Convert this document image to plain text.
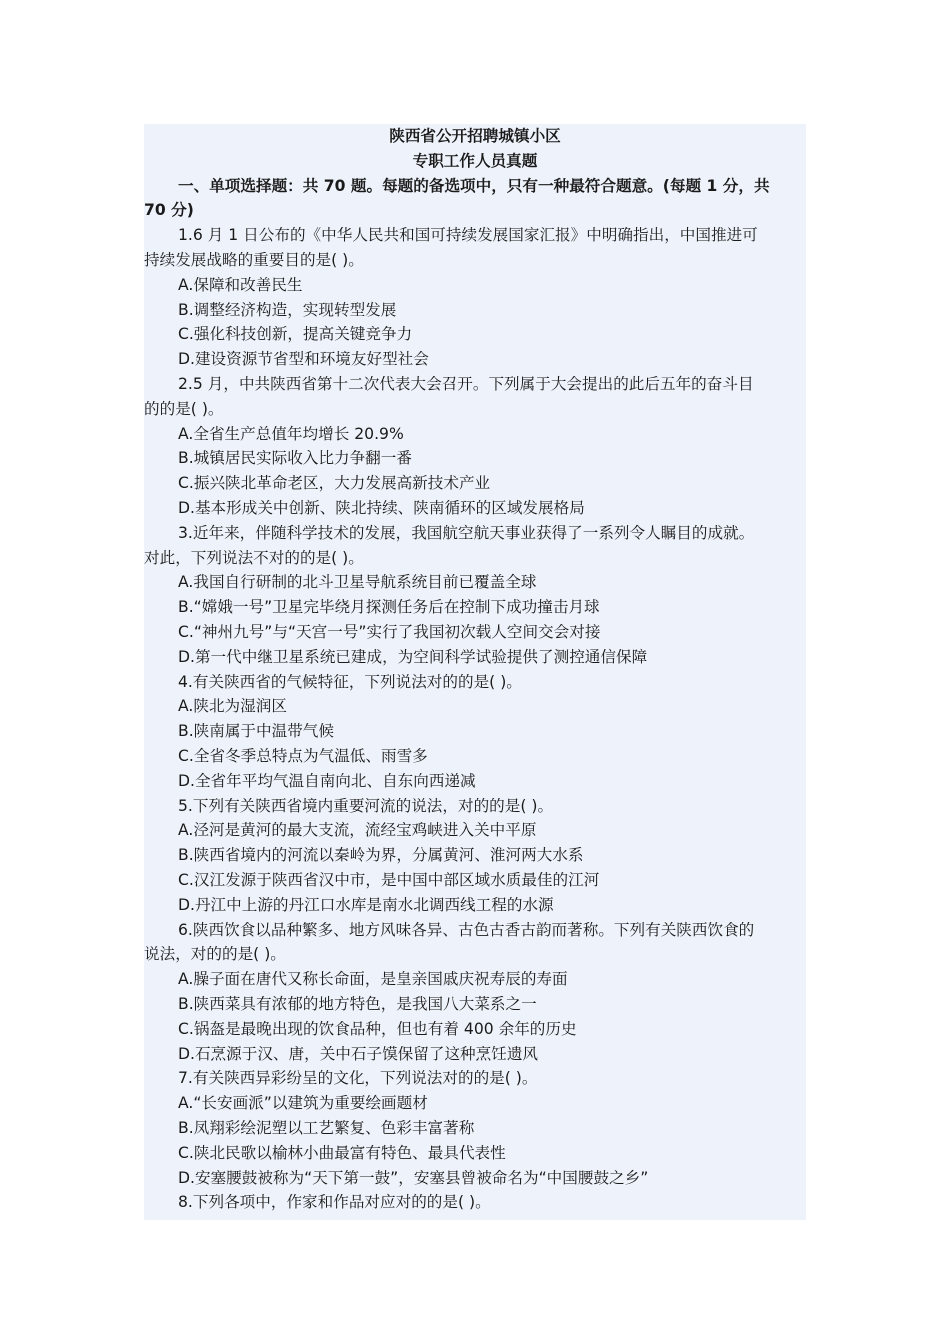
陕西省公开招聘城镇小区
专职工作人员真题
一、单项选择题：共 70 题。每题的备选项中，只有一种最符合题意。(每题 1 分，共
70 分)
1.6 月 1 日公布的《中华人民共和国可持续发展国家汇报》中明确指出，中国推进可
持续发展战略的重要目的是( )。
A.保障和改善民生
B.调整经济构造，实现转型发展
C.强化科技创新，提高关键竞争力
D.建设资源节省型和环境友好型社会
2.5 月，中共陕西省第十二次代表大会召开。下列属于大会提出的此后五年的奋斗目
的的是( )。
A.全省生产总值年均增长 20.9%
B.城镇居民实际收入比力争翻一番
C.振兴陕北革命老区，大力发展高新技术产业
D.基本形成关中创新、陕北持续、陕南循环的区域发展格局
3.近年来，伴随科学技术的发展，我国航空航天事业获得了一系列令人瞩目的成就。
对此，下列说法不对的的是( )。
A.我国自行研制的北斗卫星导航系统目前已覆盖全球
B.“嫦娥一号”卫星完毕绕月探测任务后在控制下成功撞击月球
C.“神州九号”与“天宫一号”实行了我国初次载人空间交会对接
D.第一代中继卫星系统已建成，为空间科学试验提供了测控通信保障
4.有关陕西省的气候特征，下列说法对的的是( )。
A.陕北为湿润区
B.陕南属于中温带气候
C.全省冬季总特点为气温低、雨雪多
D.全省年平均气温自南向北、自东向西递减
5.下列有关陕西省境内重要河流的说法，对的的是( )。
A.泾河是黄河的最大支流，流经宝鸡峡进入关中平原
B.陕西省境内的河流以秦岭为界，分属黄河、淮河两大水系
C.汉江发源于陕西省汉中市，是中国中部区域水质最佳的江河
D.丹江中上游的丹江口水库是南水北调西线工程的水源
6.陕西饮食以品种繁多、地方风味各异、古色古香古韵而著称。下列有关陕西饮食的
说法，对的的是( )。
A.臊子面在唐代又称长命面，是皇亲国戚庆祝寿辰的寿面
B.陕西菜具有浓郁的地方特色，是我国八大菜系之一
C.锅盔是最晚出现的饮食品种，但也有着 400 余年的历史
D.石烹源于汉、唐，关中石子馍保留了这种烹饪遗风
7.有关陕西异彩纷呈的文化，下列说法对的的是( )。
A.“长安画派”以建筑为重要绘画题材
B.凤翔彩绘泥塑以工艺繁复、色彩丰富著称
C.陕北民歌以榆林小曲最富有特色、最具代表性
D.安塞腰鼓被称为“天下第一鼓”，安塞县曾被命名为“中国腰鼓之乡”
8.下列各项中，作家和作品对应对的的是( )。
